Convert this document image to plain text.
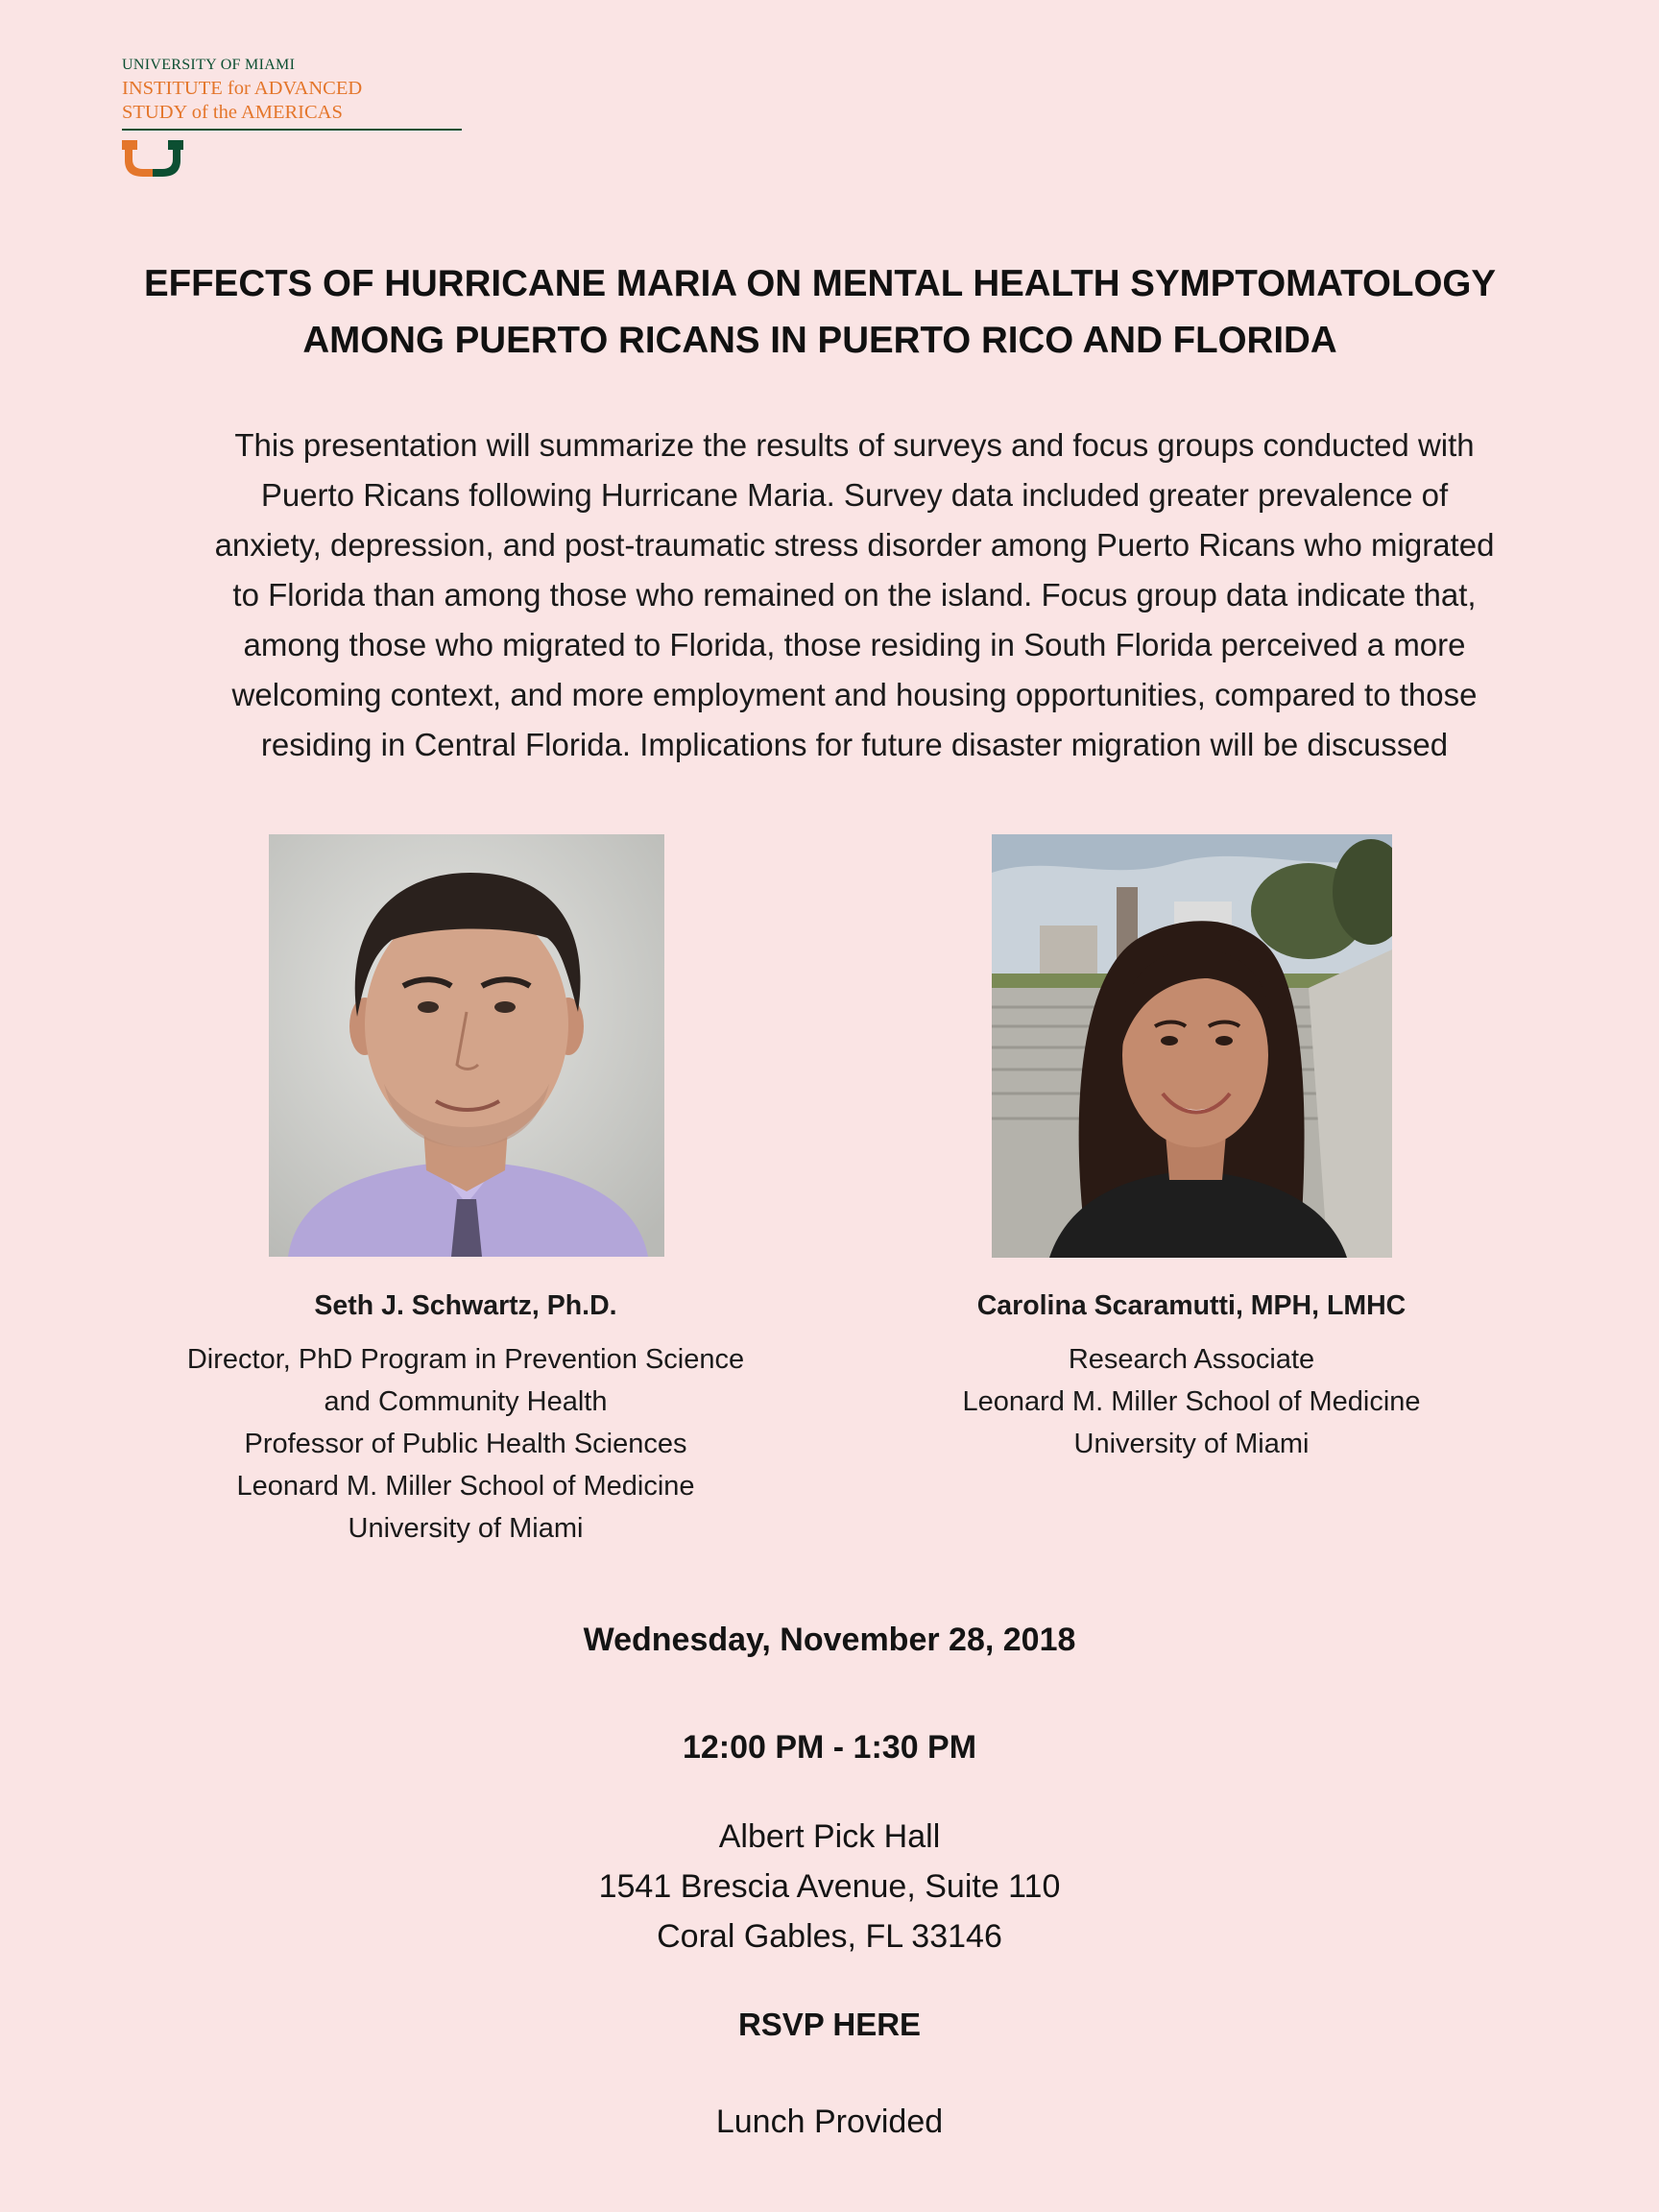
UNIVERSITY OF MIAMI
INSTITUTE for ADVANCED
STUDY of the AMERICAS
EFFECTS OF HURRICANE MARIA ON MENTAL HEALTH SYMPTOMATOLOGY
AMONG PUERTO RICANS IN PUERTO RICO AND FLORIDA
This presentation will summarize the results of surveys and focus groups conducted with
Puerto Ricans following Hurricane Maria. Survey data included greater prevalence of
anxiety, depression, and post-traumatic stress disorder among Puerto Ricans who migrated
to Florida than among those who remained on the island. Focus group data indicate that,
among those who migrated to Florida, those residing in South Florida perceived a more
welcoming context, and more employment and housing opportunities, compared to those
residing in Central Florida. Implications for future disaster migration will be discussed
Seth J. Schwartz, Ph.D.
Director, PhD Program in Prevention Science
and Community Health
Professor of Public Health Sciences
Leonard M. Miller School of Medicine
University of Miami
Carolina Scaramutti, MPH, LMHC
Research Associate
Leonard M. Miller School of Medicine
University of Miami
Wednesday, November 28, 2018
12:00 PM - 1:30 PM
Albert Pick Hall
1541 Brescia Avenue, Suite 110
Coral Gables, FL 33146
RSVP HERE
Lunch Provided
